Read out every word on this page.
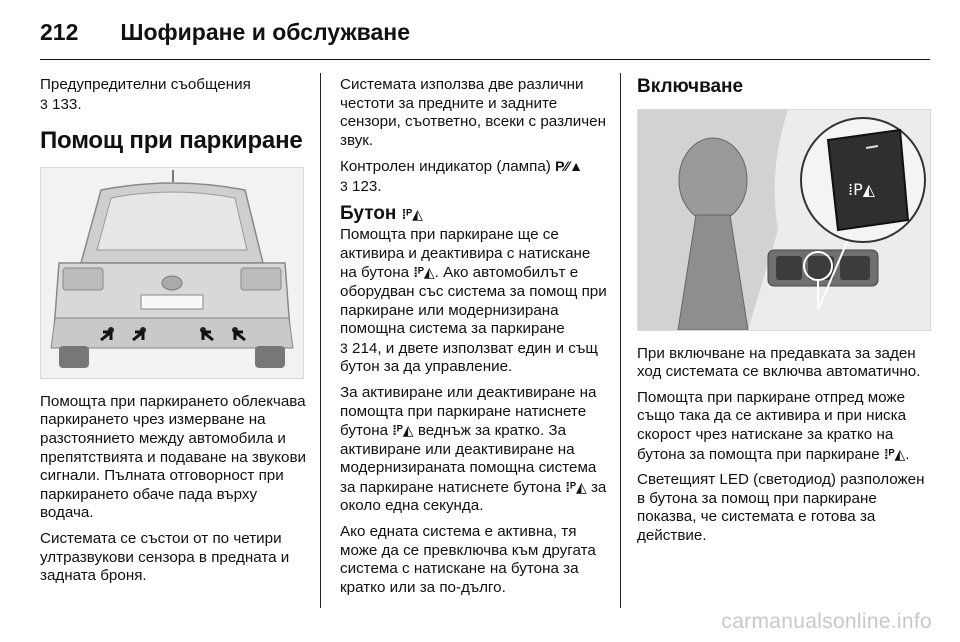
212 Шофиране и обслужване

Предупредителни съобщения
3 133.

Помощ при паркиране

Помощта при паркирането облекчава паркирането чрез измерване на разстоянието между автомобила и препятствията и подаване на звукови сигнали. Пълната отговорност при паркирането обаче пада върху водача.

Системата се състои от по четири ултразвукови сензора в предната и задната броня.

Системата използва две различни честоти за предните и задните сензори, съответно, всеки с различен звук.

Контролен индикатор (лампа) P⁄⁄▲
3 123.

Бутон ⁞ᴾ◭

Помощта при паркиране ще се активира и деактивира с натискане на бутона ⁞ᴾ◭. Ако автомобилът е оборудван със система за помощ при паркиране или модернизирана помощна система за паркиране
3 214, и двете използват един и същ бутон за да управление.

За активиране или деактивиране на помощта при паркиране натиснете бутона ⁞ᴾ◭ веднъж за кратко. За активиране или деактивиране на модернизираната помощна система за паркиране натиснете бутона ⁞ᴾ◭ за около една секунда.

Ако едната система е активна, тя може да се превключва към другата система с натискане на бутона за кратко или за по-дълго.

Включване
⁞P◭

При включване на предавката за заден ход системата се включва автоматично.

Помощта при паркиране отпред може също така да се активира и при ниска скорост чрез натискане за кратко на бутона за помощта при паркиране ⁞ᴾ◭.

Светещият LED (светодиод) разположен в бутона за помощ при паркиране показва, че системата е готова за действие.

carmanualsonline.info
